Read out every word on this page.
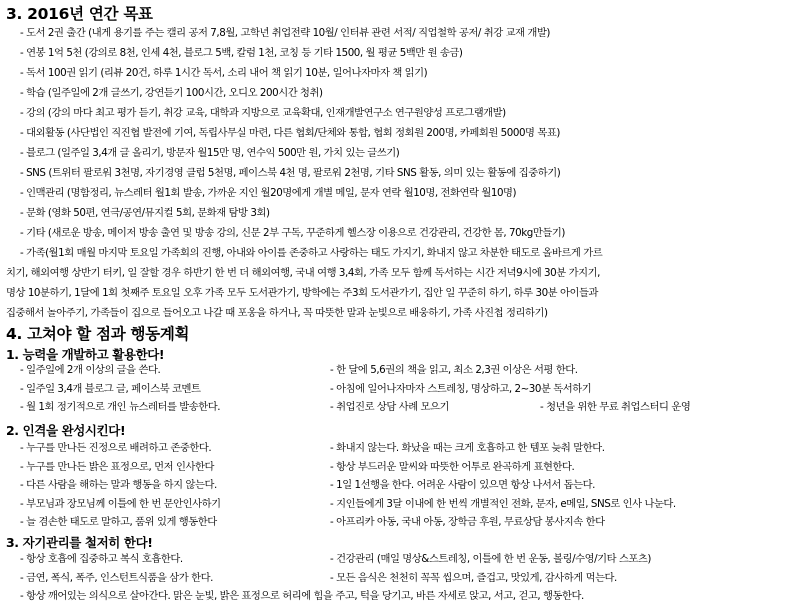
3. 2016년 연간 목표
- 도서 2권 출간 (내게 용기를 주는 캘리 공저 7,8월, 고학년 취업전략 10월/ 인터뷰 관련 서적/ 직업철학 공저/ 취강 교재 개발)
- 연봉 1억 5천 (강의로 8천, 인세 4천, 블로그 5백, 칼럼 1천, 코칭 등 기타 1500, 월 평균 5백만 원 송금)
- 독서 100권 읽기 (리뷰 20건, 하루 1시간 독서, 소리 내어 책 읽기 10분, 일어나자마자 책 읽기)
- 학습 (일주일에 2개 글쓰기, 강연듣기 100시간, 오디오 200시간 청취)
- 강의 (강의 마다 최고 평가 듣기, 취강 교육, 대학과 지방으로 교육확대, 인재개발연구소 연구원양성 프로그램개발)
- 대외활동 (사단법인 직진협 발전에 기여, 독립사무실 마련, 다른 협회/단체와 통합, 협회 정회원 200명, 카페회원 5000명 목표)
- 블로그 (일주일 3,4개 글 올리기, 방문자 월15만 명, 연수익 500만 원, 가치 있는 글쓰기)
- SNS (트위터 팔로워 3천명, 자기경영 클럽 5천명, 페이스북 4천 명, 팔로워 2천명, 기타 SNS 활동, 의미 있는 활동에 집중하기)
- 인맥관리 (명함정리, 뉴스레터 월1회 발송, 가까운 지인 월20명에게 개별 메일, 문자 연락 월10명, 전화연락 월10명)
- 문화 (영화 50편, 연극/공연/뮤지컬 5회, 문화재 탐방 3회)
- 기타 (새로운 방송, 메이저 방송 출연 및 방송 강의, 신문 2부 구독, 꾸준하게 헬스장 이용으로 건강관리, 건강한 몸, 70kg만들기)
- 가족(월1회 매월 마지막 토요일 가족회의 진행, 아내와 아이를 존중하고 사랑하는 태도 가지기, 화내지 않고 차분한 태도로 올바르게 가르
치기, 해외여행 상반기 터키, 일 잘할 경우 하반기 한 번 더 해외여행, 국내 여행 3,4회, 가족 모두 함께 독서하는 시간 저녁9시에 30분 가지기,
명상 10분하기, 1달에 1회 첫째주 토요일 오후 가족 모두 도서관가기, 방학에는 주3회 도서관가기, 집안 일 꾸준히 하기, 하루 30분 아이들과
집중해서 놀아주기, 가족들이 집으로 들어오고 나갈 때 포옹을 하거나, 꼭 따뜻한 말과 눈빛으로 배웅하기, 가족 사진첩 정리하기)
4. 고쳐야 할 점과 행동계획
1. 능력을 개발하고 활용한다!
- 일주일에 2개 이상의 글을 쓴다.	- 한 달에 5,6권의 책을 읽고, 최소 2,3권 이상은 서평 한다.
- 일주일 3,4개 블로그 글, 페이스북 코멘트	- 아침에 일어나자마자 스트레칭, 명상하고, 2~30분 독서하기
- 월 1회 정기적으로 개인 뉴스레터를 발송한다.	- 취업진로 상담 사례 모으기	- 청년을 위한 무료 취업스터디 운영
2. 인격을 완성시킨다!
- 누구를 만나든 진정으로 배려하고 존중한다.	- 화내지 않는다. 화났을 때는 크게 호흡하고 한 템포 늦춰 말한다.
- 누구를 만나든 밝은 표정으로, 먼저 인사한다	- 항상 부드러운 말씨와 따뜻한 어투로 완곡하게 표현한다.
- 다른 사람을 해하는 말과 행동을 하지 않는다.	- 1일 1선행을 한다. 어려운 사람이 있으면 항상 나서서 돕는다.
- 부모님과 장모님께 이틀에 한 번 문안인사하기	- 지인들에게 3달 이내에 한 번씩 개별적인 전화, 문자, e메일, SNS로 인사 나눈다.
- 늘 겸손한 태도로 말하고, 품위 있게 행동한다	- 아프리카 아동, 국내 아동, 장학금 후원, 무료상담 봉사지속 한다
3. 자기관리를 철저히 한다!
- 항상 호흡에 집중하고 복식 호흡한다.	- 건강관리 (매일 명상&스트레칭, 이틀에 한 번 운동, 볼링/수영/기타 스포츠)
- 금연, 폭식, 폭주, 인스턴트식품을 삼가 한다.	- 모든 음식은 천천히 꼭꼭 씹으며, 즐겁고, 맛있게, 감사하게 먹는다.
- 항상 깨어있는 의식으로 살아간다. 맑은 눈빛, 밝은 표정으로 허리에 힘을 주고, 턱을 당기고, 바른 자세로 앉고, 서고, 걷고, 행동한다.
